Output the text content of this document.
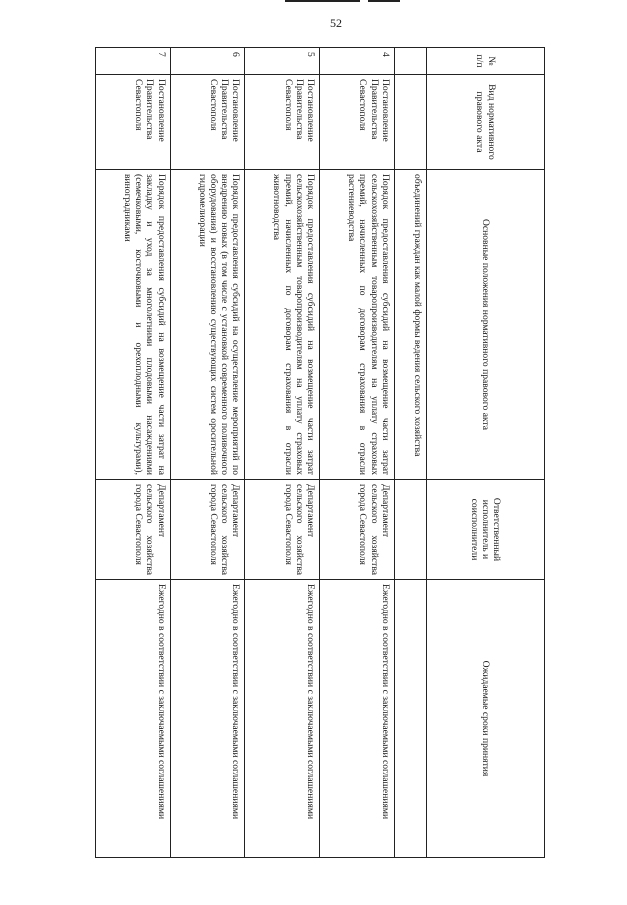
52
№ п/п	Вид нормативного правового акта	Основные положения нормативного правового акта	Ответственный исполнитель и соисполнители	Ожидаемые сроки принятия
		объединений граждан как малой формы ведения сельского хозяйства		
4	Постановление Правительства Севастополя	Порядок предоставления субсидий на возмещение части затрат сельскохозяйственным товаропроизводителям на уплату страховых премий, начисленных по договорам страхования в отрасли растениеводства	Департамент сельского хозяйства города Севастополя	Ежегодно в соответствии с заключаемыми соглашениями
5	Постановление Правительства Севастополя	Порядок предоставления субсидий на возмещение части затрат сельскохозяйственным товаропроизводителям на уплату страховых премий, начисленных по договорам страхования в отрасли животноводства	Департамент сельского хозяйства города Севастополя	Ежегодно в соответствии с заключаемыми соглашениями
6	Постановление Правительства Севастополя	Порядок предоставления субсидий на осуществление мероприятий по внедрению новых (в том числе с установкой современного поливочного оборудования) и восстановлению существующих систем оросительной гидромелиорации	Департамент сельского хозяйства города Севастополя	Ежегодно в соответствии с заключаемыми соглашениями
7	Постановление Правительства Севастополя	Порядок предоставления субсидий на возмещение части затрат на закладку и уход за многолетними плодовыми насаждениями (семечковыми, косточковыми и орехоплодными культурами), виноградниками	Департамент сельского хозяйства города Севастополя	Ежегодно в соответствии с заключаемыми соглашениями
